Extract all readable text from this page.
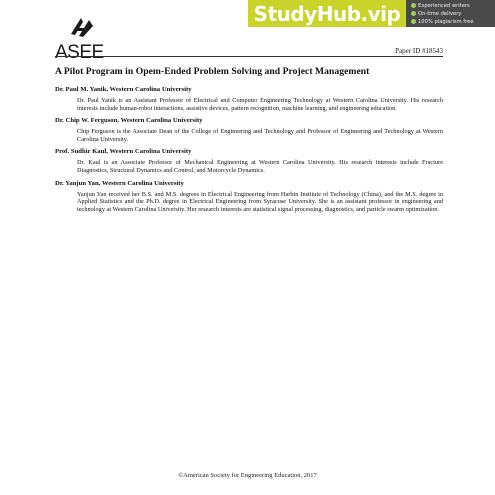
StudyHub.vip	Experienced writers
On-time delivery
100% plagiarism free
ASEE	Paper ID #18543
A Pilot Program in Opem-Ended Problem Solving and Project Management
Dr. Paul M. Yanik, Western Carolina University

Dr. Paul Yanik is an Assistant Professor of Electrical and Computer Engineering Technology at Western Carolina University. His research interests include human-robot interactions, assistive devices, pattern recognition, machine learning, and engineering education.

Dr. Chip W. Ferguson, Western Carolina University

Chip Ferguson is the Associate Dean of the College of Engineering and Technology and Professor of Engineering and Technology at Western Carolina University.

Prof. Sudhir Kaul, Western Carolina University

Dr. Kaul is an Associate Professor of Mechanical Engineering at Western Carolina University. His research interests include Fracture Diagnostics, Structural Dynamics and Control, and Motorcycle Dynamics.

Dr. Yanjun Yan, Western Carolina University

Yanjun Yan received her B.S. and M.S. degrees in Electrical Engineering from Harbin Institute of Technology (China), and the M.S. degree in Applied Statistics and the Ph.D. degree in Electrical Engineering from Syracuse University. She is an assistant professor in engineering and technology at Western Carolina University. Her research interests are statistical signal processing, diagnostics, and particle swarm optimization.

©American Society for Engineering Education, 2017
